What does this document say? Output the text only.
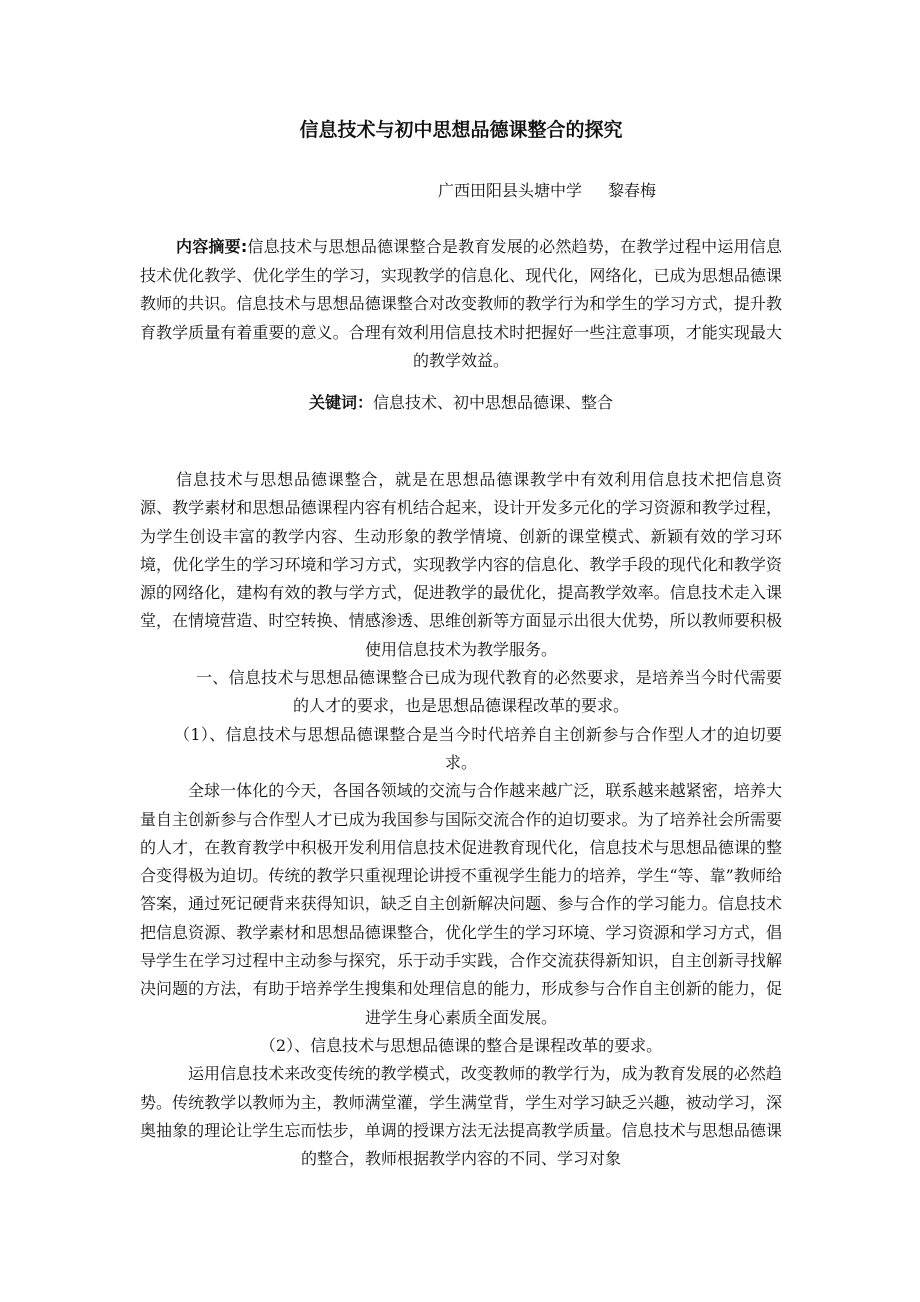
信息技术与初中思想品德课整合的探究
广西田阳县头塘中学 黎春梅
内容摘要:信息技术与思想品德课整合是教育发展的必然趋势，在教学过程中运用信息技术优化教学、优化学生的学习，实现教学的信息化、现代化，网络化，已成为思想品德课教师的共识。信息技术与思想品德课整合对改变教师的教学行为和学生的学习方式，提升教育教学质量有着重要的意义。合理有效利用信息技术时把握好一些注意事项，才能实现最大的教学效益。
关键词：信息技术、初中思想品德课、整合

信息技术与思想品德课整合，就是在思想品德课教学中有效利用信息技术把信息资源、教学素材和思想品德课程内容有机结合起来，设计开发多元化的学习资源和教学过程，为学生创设丰富的教学内容、生动形象的教学情境、创新的课堂模式、新颖有效的学习环境，优化学生的学习环境和学习方式，实现教学内容的信息化、教学手段的现代化和教学资源的网络化，建构有效的教与学方式，促进教学的最优化，提高教学效率。信息技术走入课堂，在情境营造、时空转换、情感渗透、思维创新等方面显示出很大优势，所以教师要积极使用信息技术为教学服务。

一、信息技术与思想品德课整合已成为现代教育的必然要求，是培养当今时代需要的人才的要求，也是思想品德课程改革的要求。

（1）、信息技术与思想品德课整合是当今时代培养自主创新参与合作型人才的迫切要求。

全球一体化的今天，各国各领域的交流与合作越来越广泛，联系越来越紧密，培养大量自主创新参与合作型人才已成为我国参与国际交流合作的迫切要求。为了培养社会所需要的人才，在教育教学中积极开发利用信息技术促进教育现代化，信息技术与思想品德课的整合变得极为迫切。传统的教学只重视理论讲授不重视学生能力的培养，学生“等、靠”教师给答案，通过死记硬背来获得知识，缺乏自主创新解决问题、参与合作的学习能力。信息技术把信息资源、教学素材和思想品德课整合，优化学生的学习环境、学习资源和学习方式，倡导学生在学习过程中主动参与探究，乐于动手实践，合作交流获得新知识，自主创新寻找解决问题的方法，有助于培养学生搜集和处理信息的能力，形成参与合作自主创新的能力，促进学生身心素质全面发展。

（2）、信息技术与思想品德课的整合是课程改革的要求。

运用信息技术来改变传统的教学模式，改变教师的教学行为，成为教育发展的必然趋势。传统教学以教师为主，教师满堂灌，学生满堂背，学生对学习缺乏兴趣，被动学习，深奥抽象的理论让学生忘而怯步，单调的授课方法无法提高教学质量。信息技术与思想品德课的整合，教师根据教学内容的不同、学习对象
